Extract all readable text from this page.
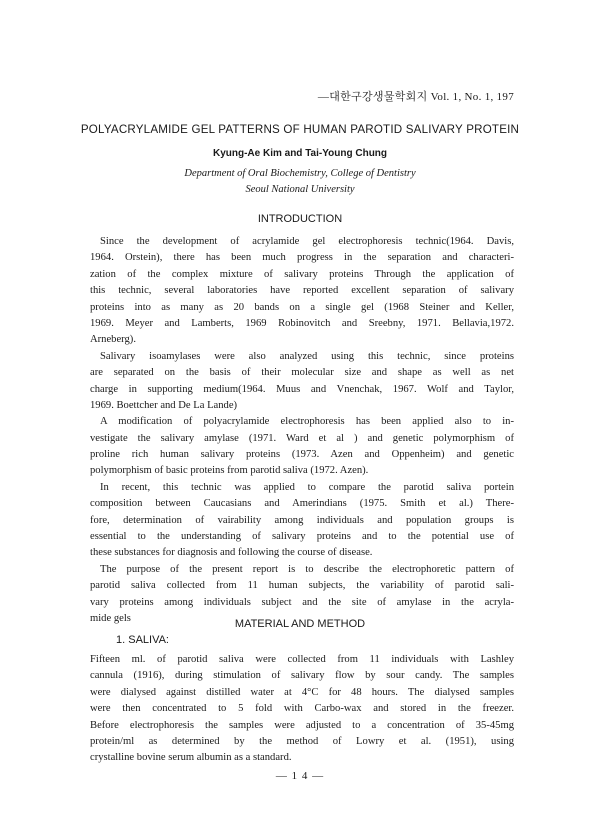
—대한구강생물학회지 Vol. 1, No. 1, 197
POLYACRYLAMIDE GEL PATTERNS OF HUMAN PAROTID SALIVARY PROTEIN
Kyung-Ae Kim and Tai-Young Chung
Department of Oral Biochemistry, College of Dentistry
Seoul National University
INTRODUCTION
Since the development of acrylamide gel electrophoresis technic(1964. Davis,
1964. Orstein), there has been much progress in the separation and characteri-
zation of the complex mixture of salivary proteins Through the application of
this technic, several laboratories have reported excellent separation of salivary
proteins into as many as 20 bands on a single gel (1968 Steiner and Keller,
1969. Meyer and Lamberts, 1969 Robinovitch and Sreebny, 1971. Bellavia,1972.
Arneberg).
Salivary isoamylases were also analyzed using this technic, since proteins
are separated on the basis of their molecular size and shape as well as net
charge in supporting medium(1964. Muus and Vnenchak, 1967. Wolf and Taylor,
1969. Boettcher and De La Lande)
A modification of polyacrylamide electrophoresis has been applied also to in-
vestigate the salivary amylase (1971. Ward et al ) and genetic polymorphism of
proline rich human salivary proteins (1973. Azen and Oppenheim) and genetic
polymorphism of basic proteins from parotid saliva (1972. Azen).
In recent, this technic was applied to compare the parotid saliva portein
composition between Caucasians and Amerindians (1975. Smith et al.) There-
fore, determination of vairability among individuals and population groups is
essential to the understanding of salivary proteins and to the potential use of
these substances for diagnosis and following the course of disease.
The purpose of the present report is to describe the electrophoretic pattern of
parotid saliva collected from 11 human subjects, the variability of parotid sali-
vary proteins among individuals subject and the site of amylase in the acryla-
mide gels	MATERIAL AND METHOD
1. SALIVA:
Fifteen ml. of parotid saliva were collected from 11 individuals with Lashley
cannula (1916), during stimulation of salivary flow by sour candy. The samples
were dialysed against distilled water at 4°C for 48 hours. The dialysed samples
were then concentrated to 5 fold with Carbo-wax and stored in the freezer.
Before electrophoresis the samples were adjusted to a concentration of 35-45mg
protein/ml as determined by the method of Lowry et al. (1951), using
crystalline bovine serum albumin as a standard.
— 1 4 —
